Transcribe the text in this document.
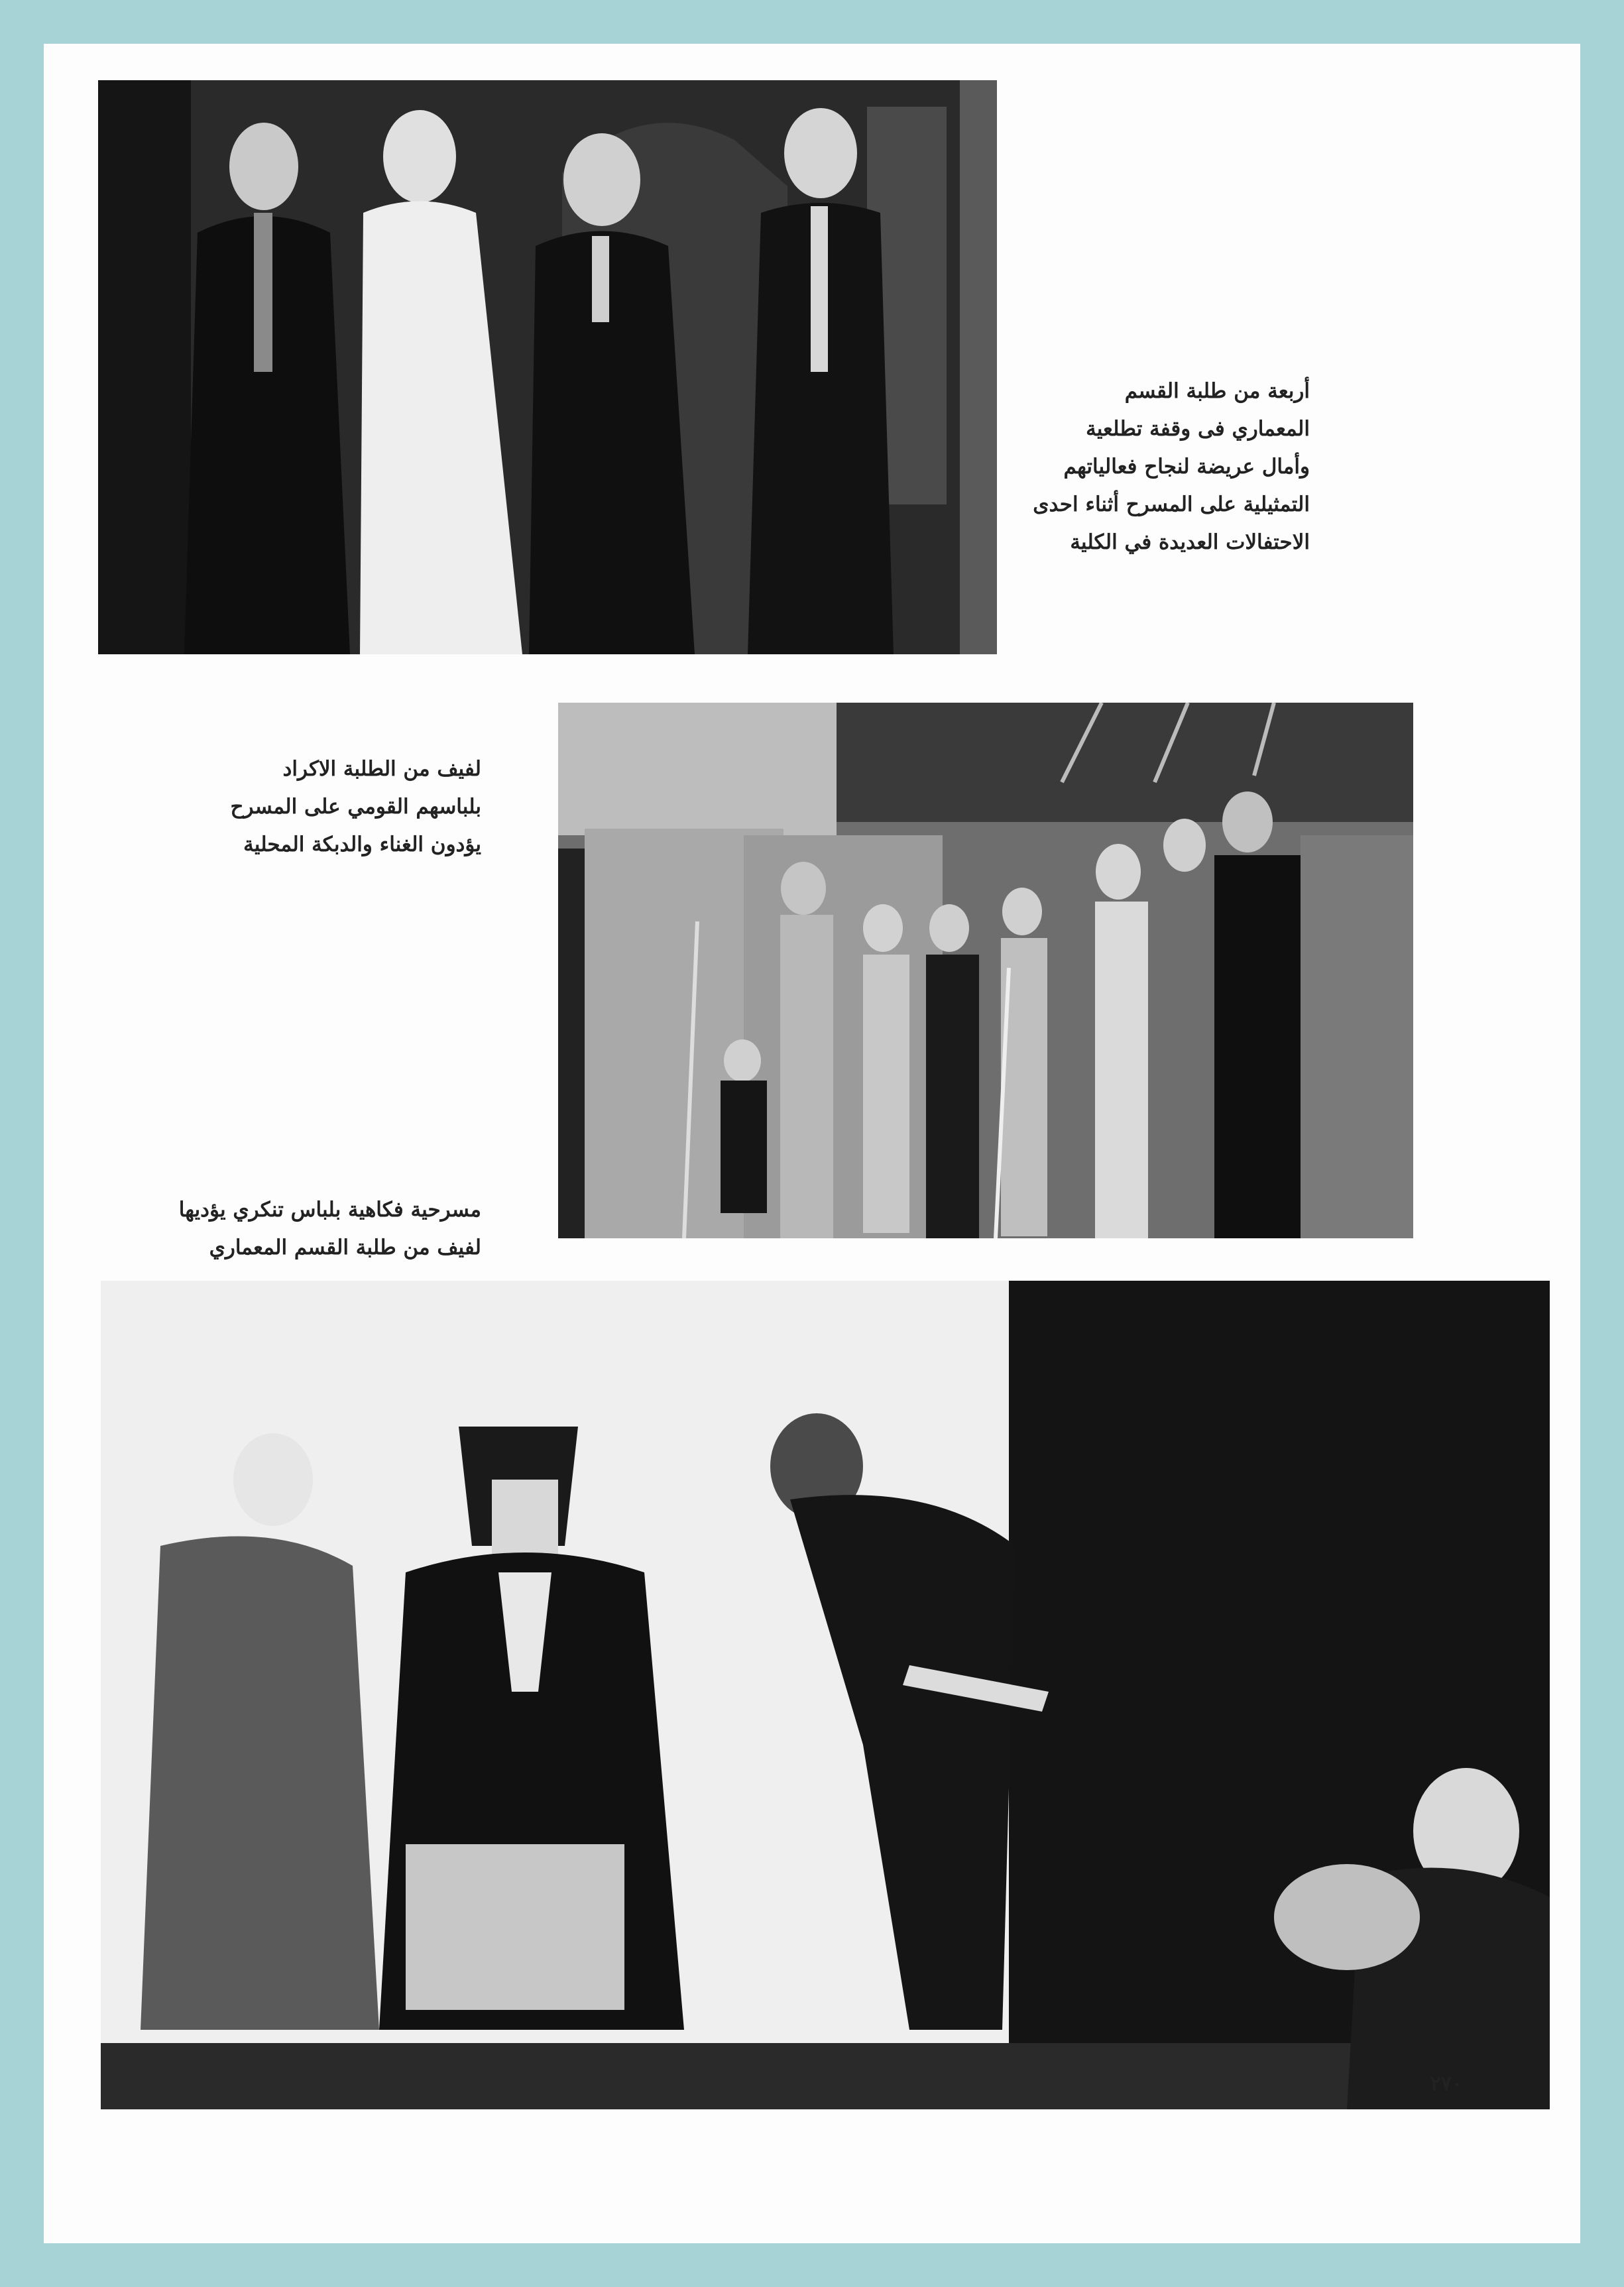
أربعة من طلبة القسم
المعماري فى وقفة تطلعية
وأمال عريضة لنجاح فعالياتهم
التمثيلية على المسرح أثناء احدى
الاحتفالات العديدة في الكلية
لفيف من الطلبة الاكراد
بلباسهم القومي على المسرح
يؤدون الغناء والدبكة المحلية
مسرحية فكاهية بلباس تنكري يؤديها
لفيف من طلبة القسم المعماري
٢٧٠
